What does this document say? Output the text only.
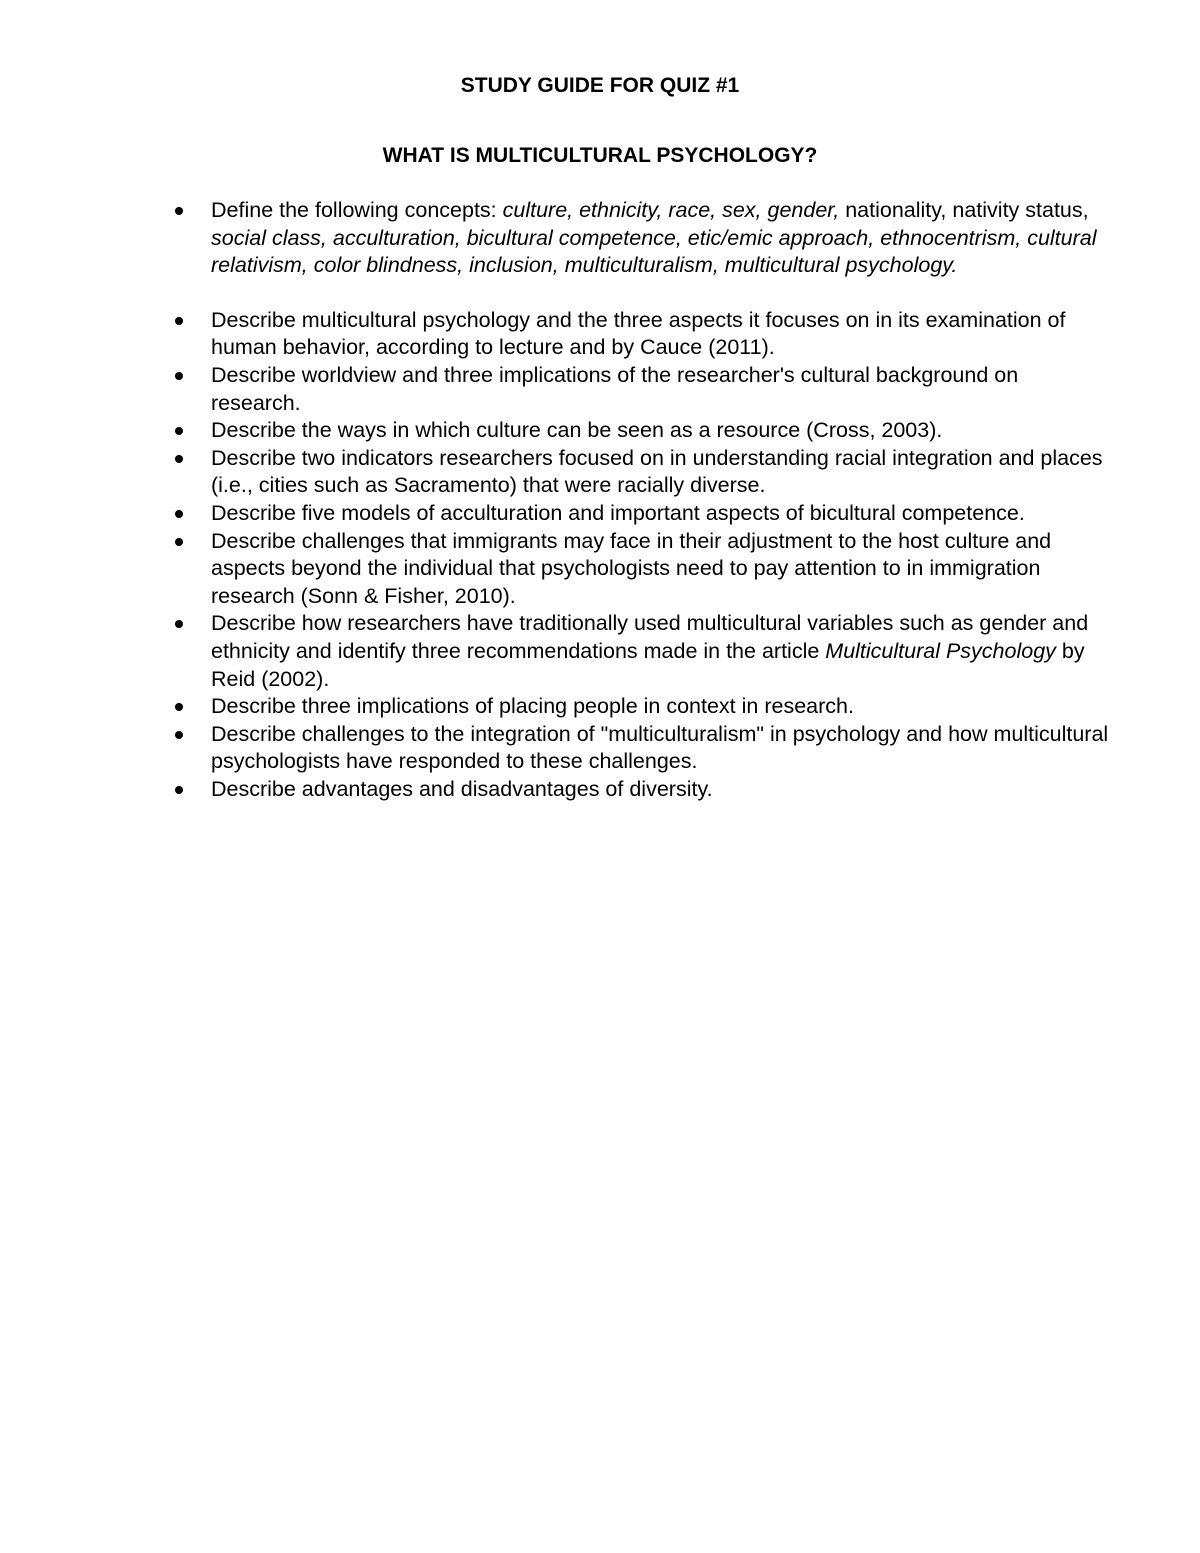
STUDY GUIDE FOR QUIZ #1
WHAT IS MULTICULTURAL PSYCHOLOGY?
Define the following concepts: culture, ethnicity, race, sex, gender, nationality, nativity status, social class, acculturation, bicultural competence, etic/emic approach, ethnocentrism, cultural relativism, color blindness, inclusion, multiculturalism, multicultural psychology.
Describe multicultural psychology and the three aspects it focuses on in its examination of human behavior, according to lecture and by Cauce (2011).
Describe worldview and three implications of the researcher's cultural background on research.
Describe the ways in which culture can be seen as a resource (Cross, 2003).
Describe two indicators researchers focused on in understanding racial integration and places (i.e., cities such as Sacramento) that were racially diverse.
Describe five models of acculturation and important aspects of bicultural competence.
Describe challenges that immigrants may face in their adjustment to the host culture and aspects beyond the individual that psychologists need to pay attention to in immigration research (Sonn & Fisher, 2010).
Describe how researchers have traditionally used multicultural variables such as gender and ethnicity and identify three recommendations made in the article Multicultural Psychology by Reid (2002).
Describe three implications of placing people in context in research.
Describe challenges to the integration of "multiculturalism" in psychology and how multicultural psychologists have responded to these challenges.
Describe advantages and disadvantages of diversity.
